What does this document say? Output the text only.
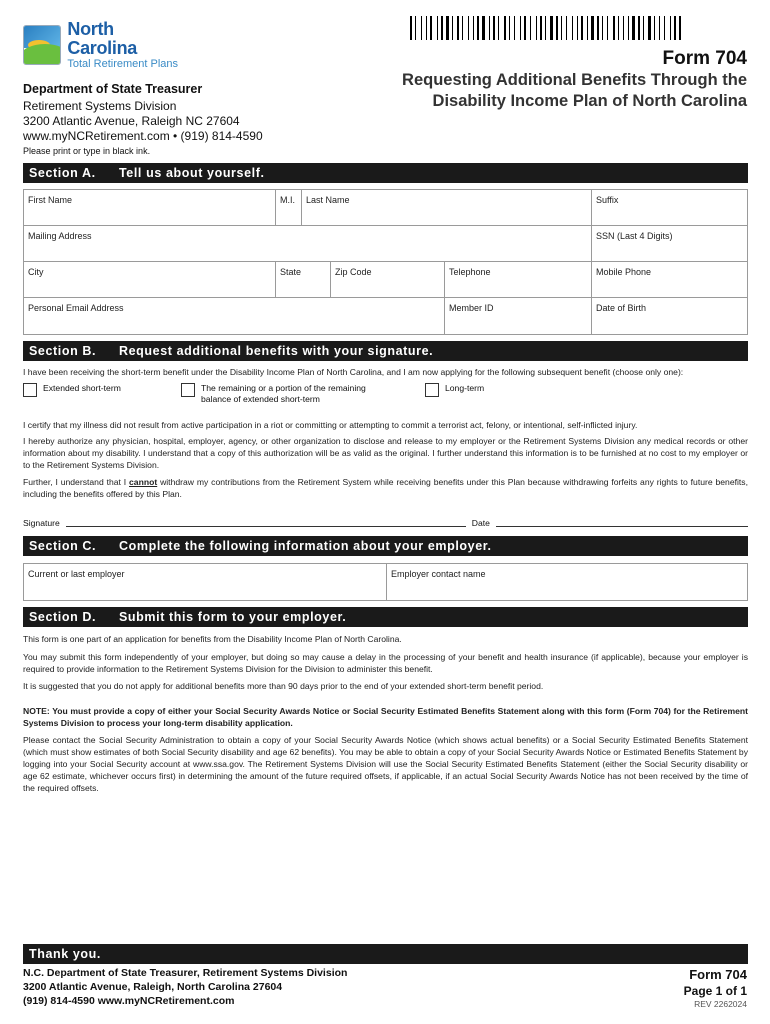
North Carolina
Total Retirement Plans	Form 704
Requesting Additional Benefits Through the Disability Income Plan of North Carolina
Department of State Treasurer
Retirement Systems Division
3200 Atlantic Avenue, Raleigh NC 27604
www.myNCRetirement.com • (919) 814-4590
Please print or type in black ink.
Section A.	Tell us about yourself.
First Name	M.I.	Last Name	Suffix
Mailing Address	SSN (Last 4 Digits)
City	State	Zip Code	Telephone	Mobile Phone
Personal Email Address	Member ID	Date of Birth
Section B.	Request additional benefits with your signature.
I have been receiving the short-term benefit under the Disability Income Plan of North Carolina, and I am now applying for the following subsequent benefit (choose only one):
Extended short-term	The remaining or a portion of the remaining balance of extended short-term
Long-term
I certify that my illness did not result from active participation in a riot or committing or attempting to commit a terrorist act, felony, or intentional, self-inflicted injury.
I hereby authorize any physician, hospital, employer, agency, or other organization to disclose and release to my employer or the Retirement Systems Division any medical records or other information about my disability. I understand that a copy of this authorization will be as valid as the original. I further understand this information is to be furnished at no cost to my employer or to the Retirement Systems Division.
Further, I understand that I cannot withdraw my contributions from the Retirement System while receiving benefits under this Plan because withdrawing forfeits any rights to future benefits, including the benefits offered by this Plan.
Signature	Date
Section C.	Complete the following information about your employer.
Current or last employer	Employer contact name
Section D.	Submit this form to your employer.
This form is one part of an application for benefits from the Disability Income Plan of North Carolina.
You may submit this form independently of your employer, but doing so may cause a delay in the processing of your benefit and health insurance (if applicable), because your employer is required to provide information to the Retirement Systems Division for the Division to administer this benefit.
It is suggested that you do not apply for additional benefits more than 90 days prior to the end of your extended short-term benefit period.
NOTE: You must provide a copy of either your Social Security Awards Notice or Social Security Estimated Benefits Statement along with this form (Form 704) for the Retirement Systems Division to process your long-term disability application.
Please contact the Social Security Administration to obtain a copy of your Social Security Awards Notice (which shows actual benefits) or a Social Security Estimated Benefits Statement (which must show estimates of both Social Security disability and age 62 benefits). You may be able to obtain a copy of your Social Security Awards Notice or Estimated Benefits Statement by logging into your Social Security account at www.ssa.gov. The Retirement Systems Division will use the Social Security Estimated Benefits Statement (either the Social Security disability or age 62 estimate, whichever occurs first) in determining the amount of the future required offsets, if applicable, if an actual Social Security Awards Notice has not been received by the time of the required offsets.
Thank you.
N.C. Department of State Treasurer, Retirement Systems Division
3200 Atlantic Avenue, Raleigh, North Carolina 27604
(919) 814-4590 www.myNCRetirement.com
Form 704
Page 1 of 1
REV 2262024
